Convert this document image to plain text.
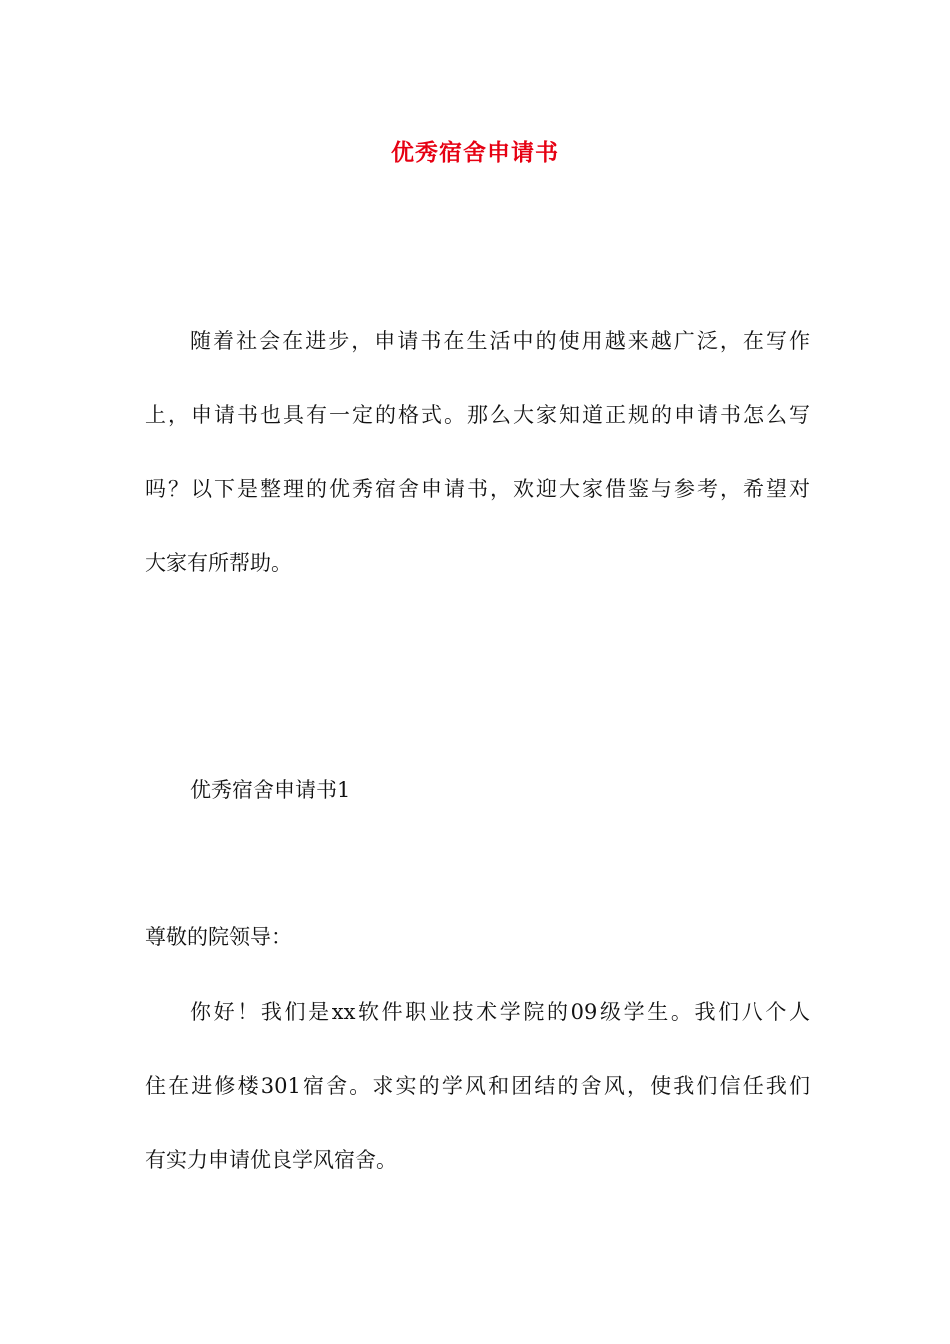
优秀宿舍申请书

随着社会在进步，申请书在生活中的使用越来越广泛，在写作

上，申请书也具有一定的格式。那么大家知道正规的申请书怎么写

吗？以下是整理的优秀宿舍申请书，欢迎大家借鉴与参考，希望对

大家有所帮助。

优秀宿舍申请书1

尊敬的院领导：

你好！我们是xx软件职业技术学院的09级学生。我们八个人

住在进修楼301宿舍。求实的学风和团结的舍风，使我们信任我们

有实力申请优良学风宿舍。
